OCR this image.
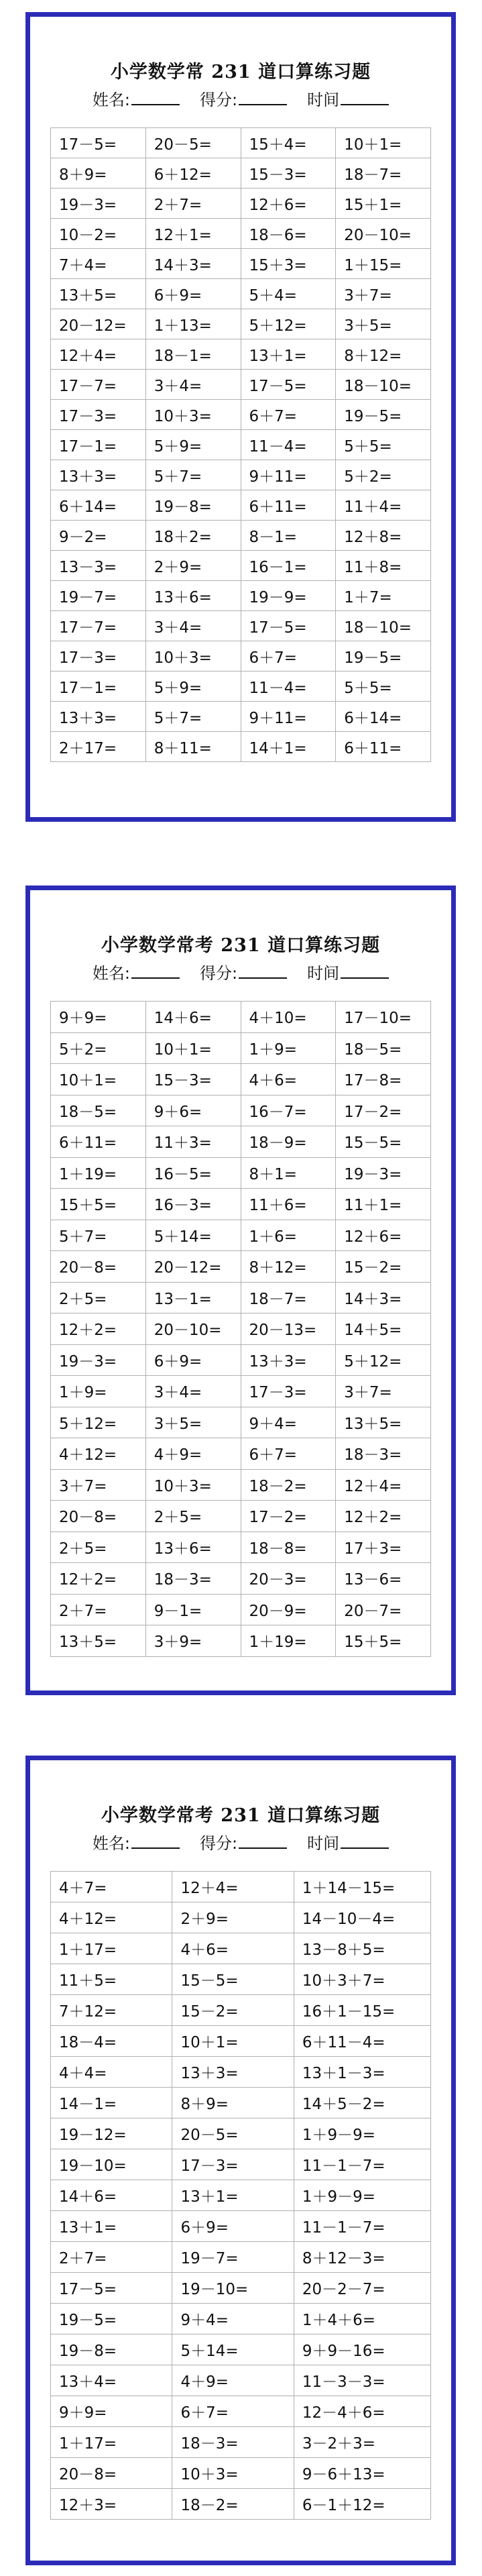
小学数学常 231 道口算练习题
姓名:	得分:	时间
17－5=	20－5=	15＋4=	10＋1=
8＋9=	6＋12=	15－3=	18－7=
19－3=	2＋7=	12＋6=	15＋1=
10－2=	12＋1=	18－6=	20－10=
7＋4=	14＋3=	15＋3=	1＋15=
13＋5=	6＋9=	5＋4=	3＋7=
20－12=	1＋13=	5＋12=	3＋5=
12＋4=	18－1=	13＋1=	8＋12=
17－7=	3＋4=	17－5=	18－10=
17－3=	10＋3=	6＋7=	19－5=
17－1=	5＋9=	11－4=	5＋5=
13＋3=	5＋7=	9＋11=	5＋2=
6＋14=	19－8=	6＋11=	11＋4=
9－2=	18＋2=	8－1=	12＋8=
13－3=	2＋9=	16－1=	11＋8=
19－7=	13＋6=	19－9=	1＋7=
17－7=	3＋4=	17－5=	18－10=
17－3=	10＋3=	6＋7=	19－5=
17－1=	5＋9=	11－4=	5＋5=
13＋3=	5＋7=	9＋11=	6＋14=
2＋17=	8＋11=	14＋1=	6＋11=
小学数学常考 231 道口算练习题
姓名:	得分:	时间
9＋9=	14＋6=	4＋10=	17－10=
5＋2=	10＋1=	1＋9=	18－5=
10＋1=	15－3=	4＋6=	17－8=
18－5=	9＋6=	16－7=	17－2=
6＋11=	11＋3=	18－9=	15－5=
1＋19=	16－5=	8＋1=	19－3=
15＋5=	16－3=	11＋6=	11＋1=
5＋7=	5＋14=	1＋6=	12＋6=
20－8=	20－12=	8＋12=	15－2=
2＋5=	13－1=	18－7=	14＋3=
12＋2=	20－10=	20－13=	14＋5=
19－3=	6＋9=	13＋3=	5＋12=
1＋9=	3＋4=	17－3=	3＋7=
5＋12=	3＋5=	9＋4=	13＋5=
4＋12=	4＋9=	6＋7=	18－3=
3＋7=	10＋3=	18－2=	12＋4=
20－8=	2＋5=	17－2=	12＋2=
2＋5=	13＋6=	18－8=	17＋3=
12＋2=	18－3=	20－3=	13－6=
2＋7=	9－1=	20－9=	20－7=
13＋5=	3＋9=	1＋19=	15＋5=
小学数学常考 231 道口算练习题
姓名:	得分:	时间
4＋7=	12＋4=	1＋14－15=
4＋12=	2＋9=	14－10－4=
1＋17=	4＋6=	13－8＋5=
11＋5=	15－5=	10＋3＋7=
7＋12=	15－2=	16＋1－15=
18－4=	10＋1=	6＋11－4=
4＋4=	13＋3=	13＋1－3=
14－1=	8＋9=	14＋5－2=
19－12=	20－5=	1＋9－9=
19－10=	17－3=	11－1－7=
14＋6=	13＋1=	1＋9－9=
13＋1=	6＋9=	11－1－7=
2＋7=	19－7=	8＋12－3=
17－5=	19－10=	20－2－7=
19－5=	9＋4=	1＋4＋6=
19－8=	5＋14=	9＋9－16=
13＋4=	4＋9=	11－3－3=
9＋9=	6＋7=	12－4＋6=
1＋17=	18－3=	3－2＋3=
20－8=	10＋3=	9－6＋13=
12＋3=	18－2=	6－1＋12=
